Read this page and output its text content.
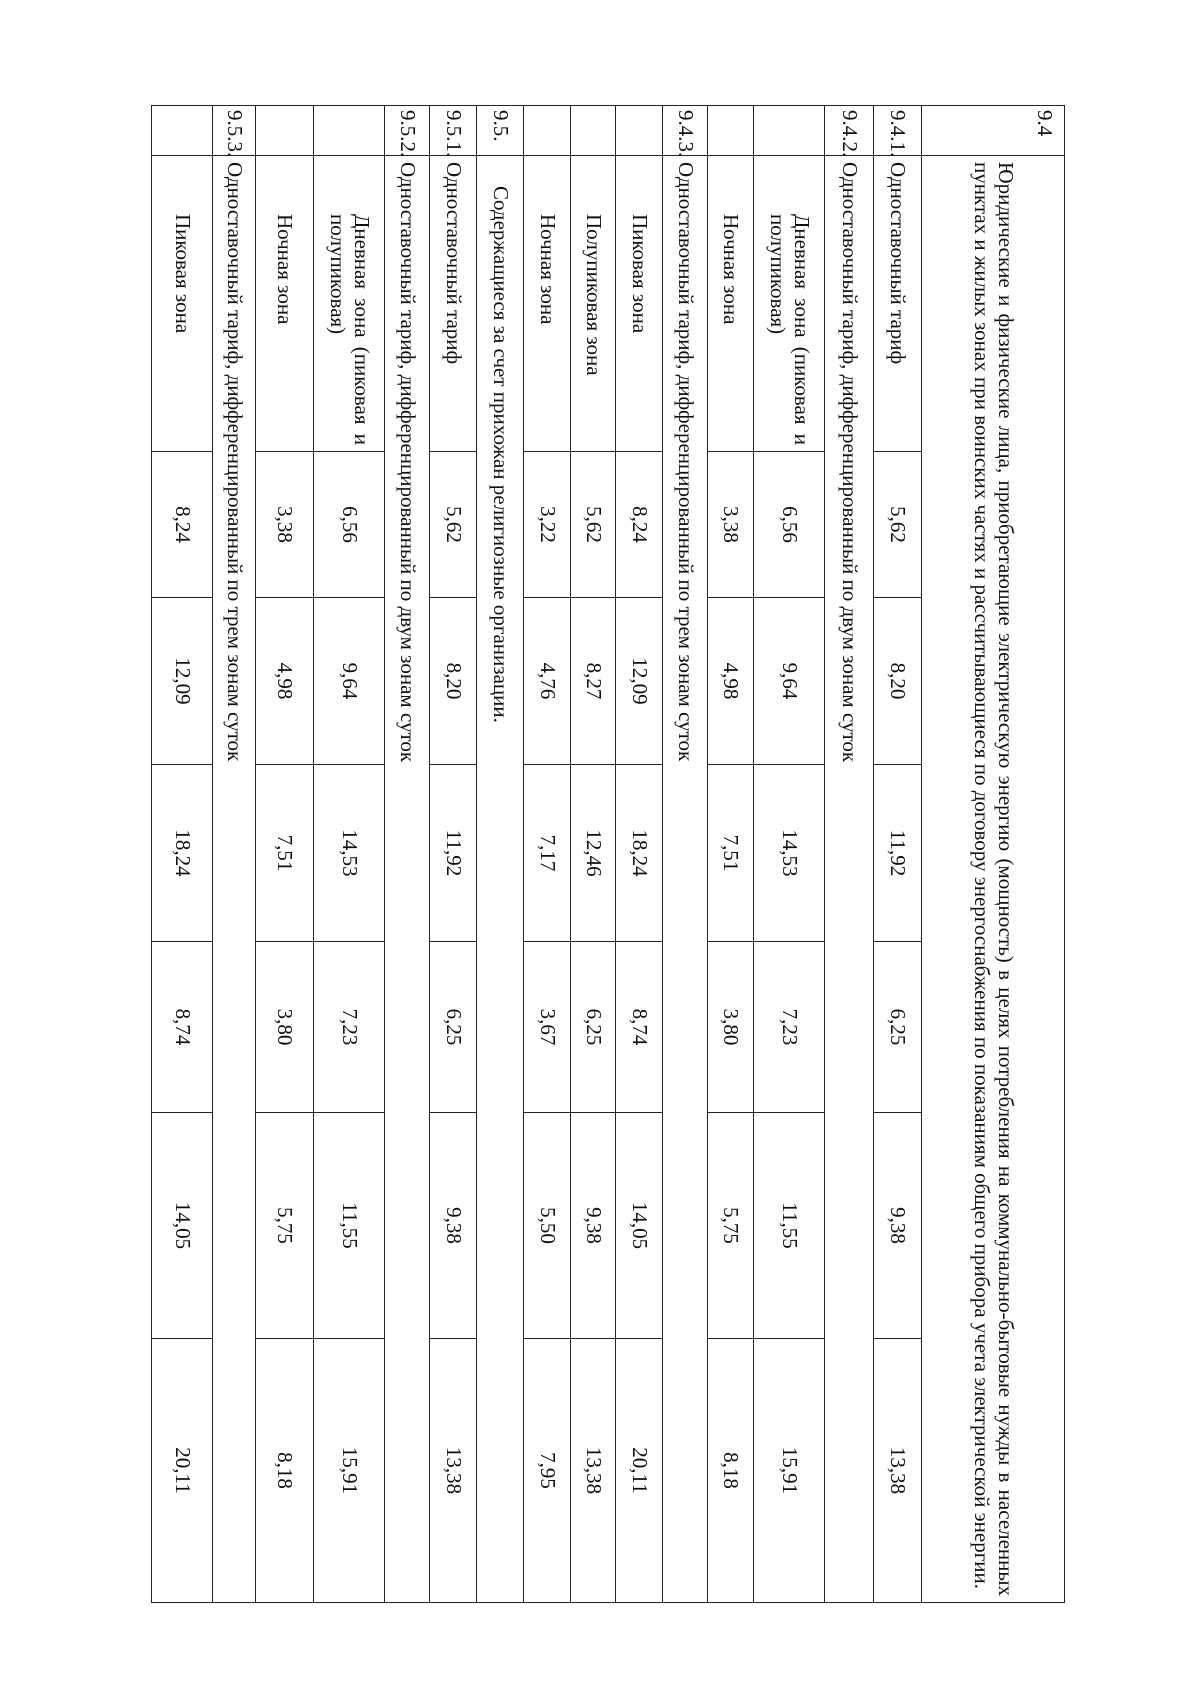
9.4	Юридические и физические лица, приобретающие электрическую энергию (мощность) в целях потребления на коммунально-бытовые нужды в населенных пунктах и жилых зонах при воинских частях и рассчитывающиеся по договору энергоснабжения по показаниям общего прибора учета электрической энергии.						
9.4.1.	Одноставочный тариф	5,62	8,20	11,92	6,25	9,38	13,38
9.4.2.	Одноставочный тариф, дифференцированный по двум зонам суток						
	Дневная зона (пиковая и полупиковая)	6,56	9,64	14,53	7,23	11,55	15,91
	Ночная зона	3,38	4,98	7,51	3,80	5,75	8,18
9.4.3.	Одноставочный тариф, дифференцированный по трем зонам суток						
	Пиковая зона	8,24	12,09	18,24	8,74	14,05	20,11
	Полупиковая зона	5,62	8,27	12,46	6,25	9,38	13,38
	Ночная зона	3,22	4,76	7,17	3,67	5,50	7,95
9.5.	Содержащиеся за счет прихожан религиозные организации.						
9.5.1.	Одноставочный тариф	5,62	8,20	11,92	6,25	9,38	13,38
9.5.2.	Одноставочный тариф, дифференцированный по двум зонам суток						
	Дневная зона (пиковая и полупиковая)	6,56	9,64	14,53	7,23	11,55	15,91
	Ночная зона	3,38	4,98	7,51	3,80	5,75	8,18
9.5.3.	Одноставочный тариф, дифференцированный по трем зонам суток						
	Пиковая зона	8,24	12,09	18,24	8,74	14,05	20,11
